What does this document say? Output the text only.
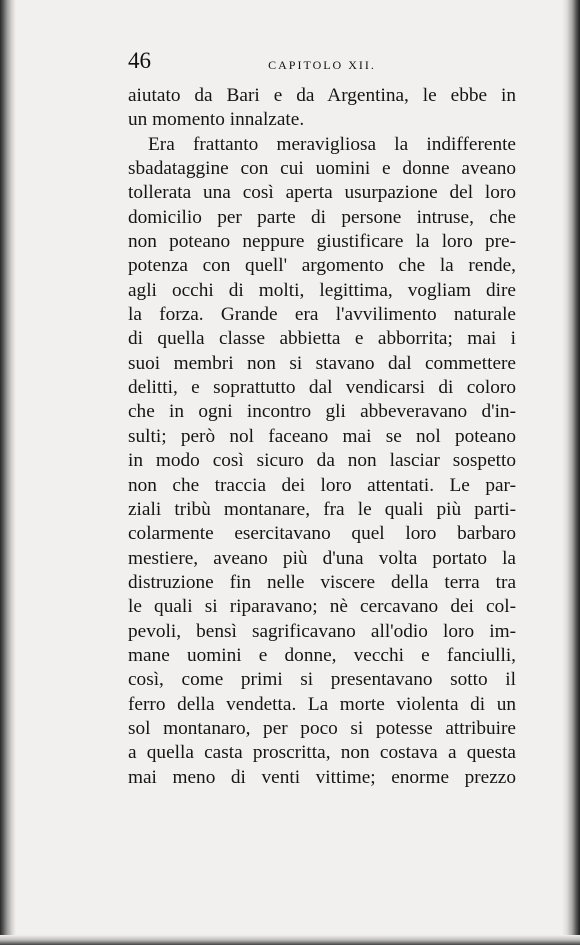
46	CAPITOLO XII.
aiutato da Bari e da Argentina, le ebbe in
un momento innalzate.
Era frattanto meravigliosa la indifferente
sbadataggine con cui uomini e donne aveano
tollerata una così aperta usurpazione del loro
domicilio per parte di persone intruse, che
non poteano neppure giustificare la loro pre-
potenza con quell' argomento che la rende,
agli occhi di molti, legittima, vogliam dire
la forza. Grande era l'avvilimento naturale
di quella classe abbietta e abborrita; mai i
suoi membri non si stavano dal commettere
delitti, e soprattutto dal vendicarsi di coloro
che in ogni incontro gli abbeveravano d'in-
sulti; però nol faceano mai se nol poteano
in modo così sicuro da non lasciar sospetto
non che traccia dei loro attentati. Le par-
ziali tribù montanare, fra le quali più parti-
colarmente esercitavano quel loro barbaro
mestiere, aveano più d'una volta portato la
distruzione fin nelle viscere della terra tra
le quali si riparavano; nè cercavano dei col-
pevoli, bensì sagrificavano all'odio loro im-
mane uomini e donne, vecchi e fanciulli,
così, come primi si presentavano sotto il
ferro della vendetta. La morte violenta di un
sol montanaro, per poco si potesse attribuire
a quella casta proscritta, non costava a questa
mai meno di venti vittime; enorme prezzo
